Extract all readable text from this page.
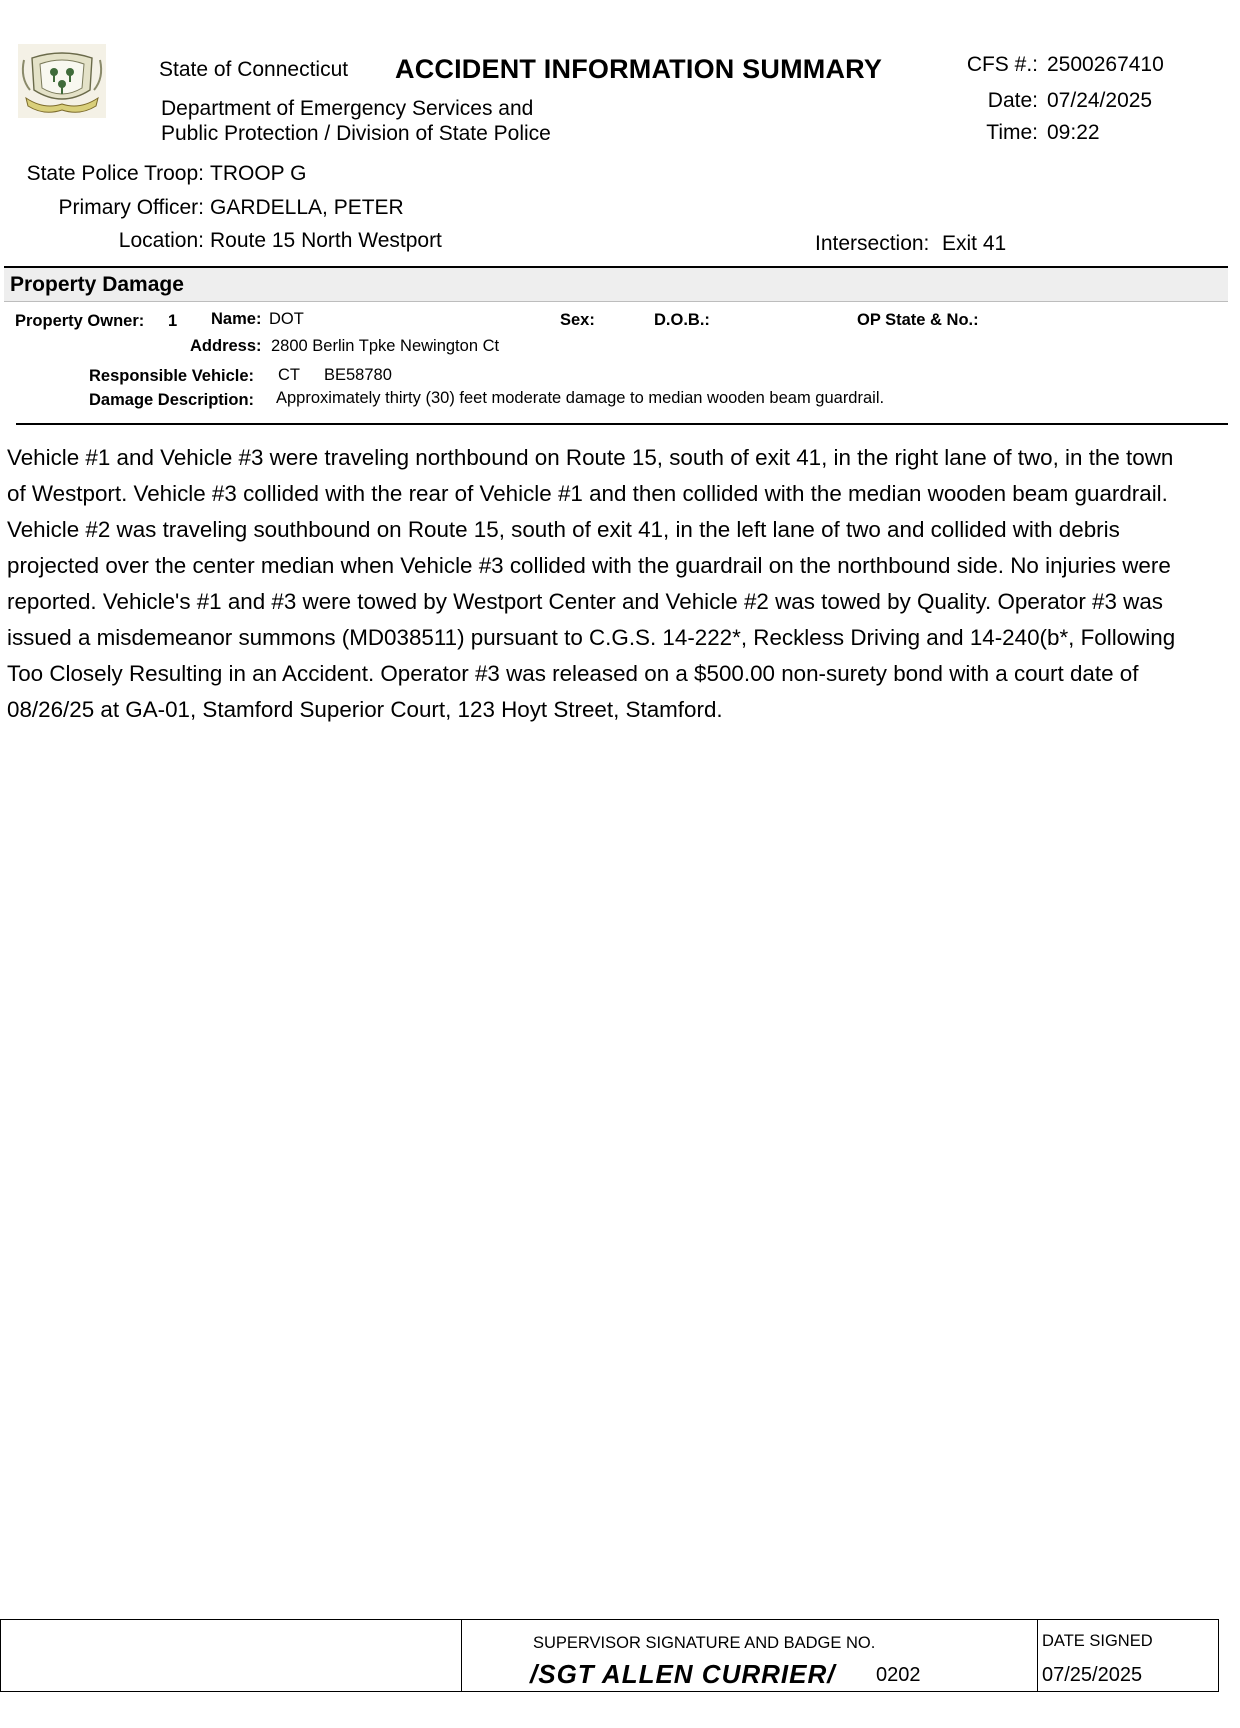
State of Connecticut ACCIDENT INFORMATION SUMMARY
Department of Emergency Services and
Public Protection / Division of State Police
CFS #.: 2500267410
Date: 07/24/2025
Time: 09:22
State Police Troop: TROOP G
Primary Officer: GARDELLA, PETER
Location: Route 15 North Westport	Intersection: Exit 41
Property Damage
Property Owner: 1 Name: DOT	Sex:	D.O.B.:	OP State & No.:
Address: 2800 Berlin Tpke Newington Ct
Responsible Vehicle: CT BE58780
Damage Description: Approximately thirty (30) feet moderate damage to median wooden beam guardrail.
Vehicle #1 and Vehicle #3 were traveling northbound on Route 15, south of exit 41, in the right lane of two, in the town of Westport. Vehicle #3 collided with the rear of Vehicle #1 and then collided with the median wooden beam guardrail. Vehicle #2 was traveling southbound on Route 15, south of exit 41, in the left lane of two and collided with debris projected over the center median when Vehicle #3 collided with the guardrail on the northbound side. No injuries were reported. Vehicle's #1 and #3 were towed by Westport Center and Vehicle #2 was towed by Quality. Operator #3 was issued a misdemeanor summons (MD038511) pursuant to C.G.S. 14-222*, Reckless Driving and 14-240(b*, Following Too Closely Resulting in an Accident. Operator #3 was released on a $500.00 non-surety bond with a court date of 08/26/25 at GA-01, Stamford Superior Court, 123 Hoyt Street, Stamford.
SUPERVISOR SIGNATURE AND BADGE NO.
/SGT ALLEN CURRIER/ 0202
DATE SIGNED
07/25/2025
